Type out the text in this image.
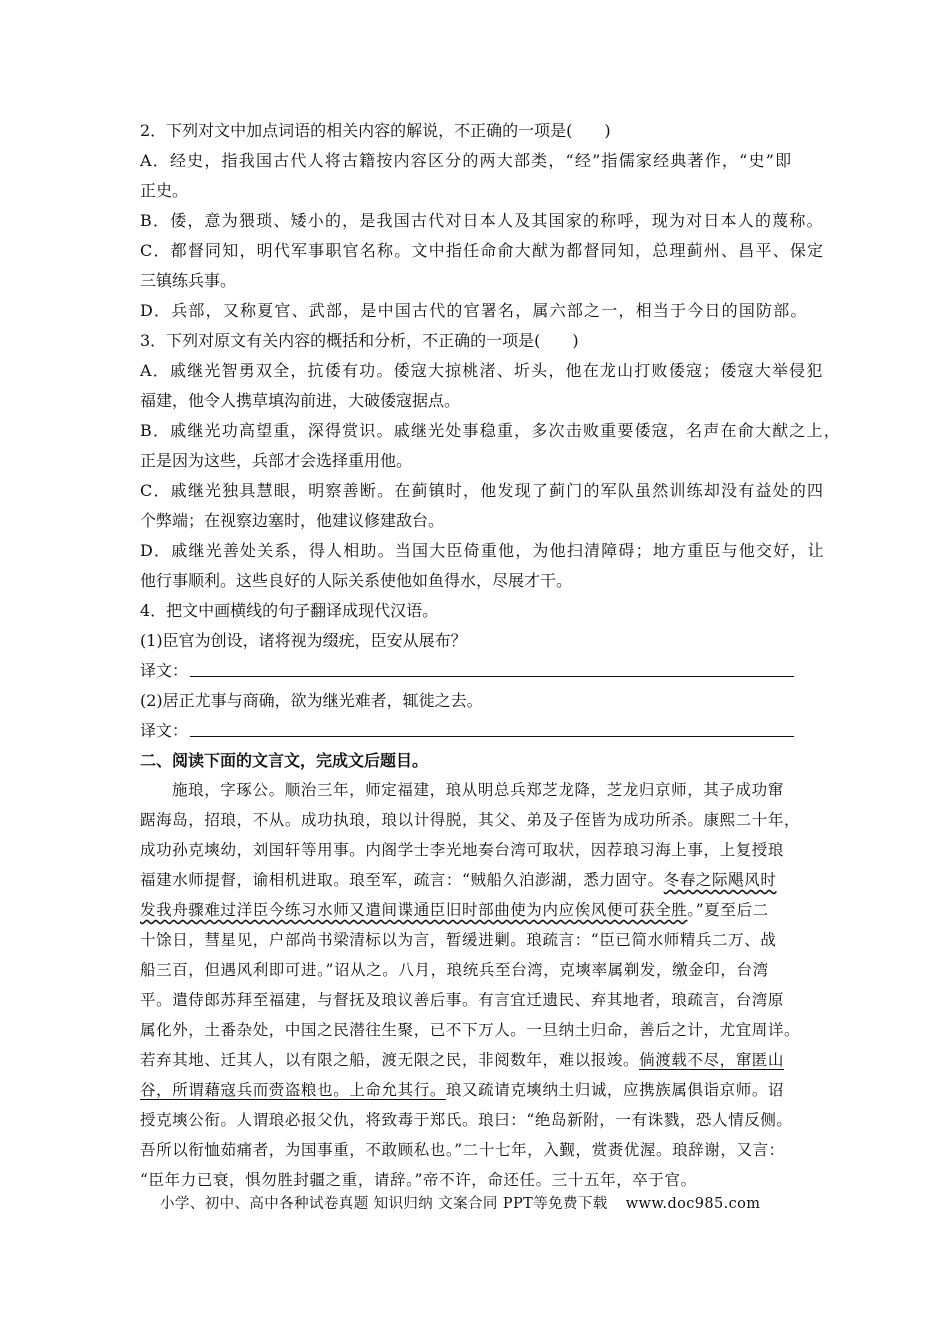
2．下列对文中加点词语的相关内容的解说，不正确的一项是(　　)
A．经史，指我国古代人将古籍按内容区分的两大部类，“经”指儒家经典著作，“史”即
正史。
B．倭，意为猥琐、矮小的，是我国古代对日本人及其国家的称呼，现为对日本人的蔑称。
C．都督同知，明代军事职官名称。文中指任命俞大猷为都督同知，总理蓟州、昌平、保定
三镇练兵事。
D．兵部，又称夏官、武部，是中国古代的官署名，属六部之一，相当于今日的国防部。
3．下列对原文有关内容的概括和分析，不正确的一项是(　　)
A．戚继光智勇双全，抗倭有功。倭寇大掠桃渚、圻头，他在龙山打败倭寇；倭寇大举侵犯
福建，他令人携草填沟前进，大破倭寇据点。
B．戚继光功高望重，深得赏识。戚继光处事稳重，多次击败重要倭寇，名声在俞大猷之上，
正是因为这些，兵部才会选择重用他。
C．戚继光独具慧眼，明察善断。在蓟镇时，他发现了蓟门的军队虽然训练却没有益处的四
个弊端；在视察边塞时，他建议修建敌台。
D．戚继光善处关系，得人相助。当国大臣倚重他，为他扫清障碍；地方重臣与他交好，让
他行事顺利。这些良好的人际关系使他如鱼得水，尽展才干。
4．把文中画横线的句子翻译成现代汉语。
(1)臣官为创设，诸将视为缀疣，臣安从展布？
译文：
(2)居正尤事与商确，欲为继光难者，辄徙之去。
译文：
二、阅读下面的文言文，完成文后题目。
施琅，字琢公。顺治三年，师定福建，琅从明总兵郑芝龙降，芝龙归京师，其子成功窜
踞海岛，招琅，不从。成功执琅，琅以计得脱，其父、弟及子侄皆为成功所杀。康熙二十年，
成功孙克塽幼，刘国轩等用事。内阁学士李光地奏台湾可取状，因荐琅习海上事，上复授琅
福建水师提督，谕相机进取。琅至军，疏言：“贼船久泊澎湖，悉力固守。冬春之际飓风时
发我舟骤难过洋臣今练习水师又遣间谍通臣旧时部曲使为内应俟风便可获全胜。”夏至后二
十馀日，彗星见，户部尚书梁清标以为言，暂缓进剿。琅疏言：“臣已简水师精兵二万、战
船三百，但遇风利即可进。”诏从之。八月，琅统兵至台湾，克塽率属剃发，缴金印，台湾
平。遣侍郎苏拜至福建，与督抚及琅议善后事。有言宜迁遗民、弃其地者，琅疏言，台湾原
属化外，土番杂处，中国之民潜往生聚，已不下万人。一旦纳土归命，善后之计，尤宜周详。
若弃其地、迁其人，以有限之船，渡无限之民，非阅数年，难以报竣。倘渡载不尽，窜匿山
谷，所谓藉寇兵而赍盗粮也。上命允其行。琅又疏请克塽纳土归诚，应携族属俱诣京师。诏
授克塽公衔。人谓琅必报父仇，将致毒于郑氏。琅曰：“绝岛新附，一有诛戮，恐人情反侧。
吾所以衔恤茹痛者，为国事重，不敢顾私也。”二十七年，入觐，赏赉优渥。琅辞谢，又言：
“臣年力已衰，惧勿胜封疆之重，请辞。”帝不许，命还任。三十五年，卒于官。
小学、初中、高中各种试卷真题 知识归纳 文案合同 PPT等免费下载 www.doc985.com
